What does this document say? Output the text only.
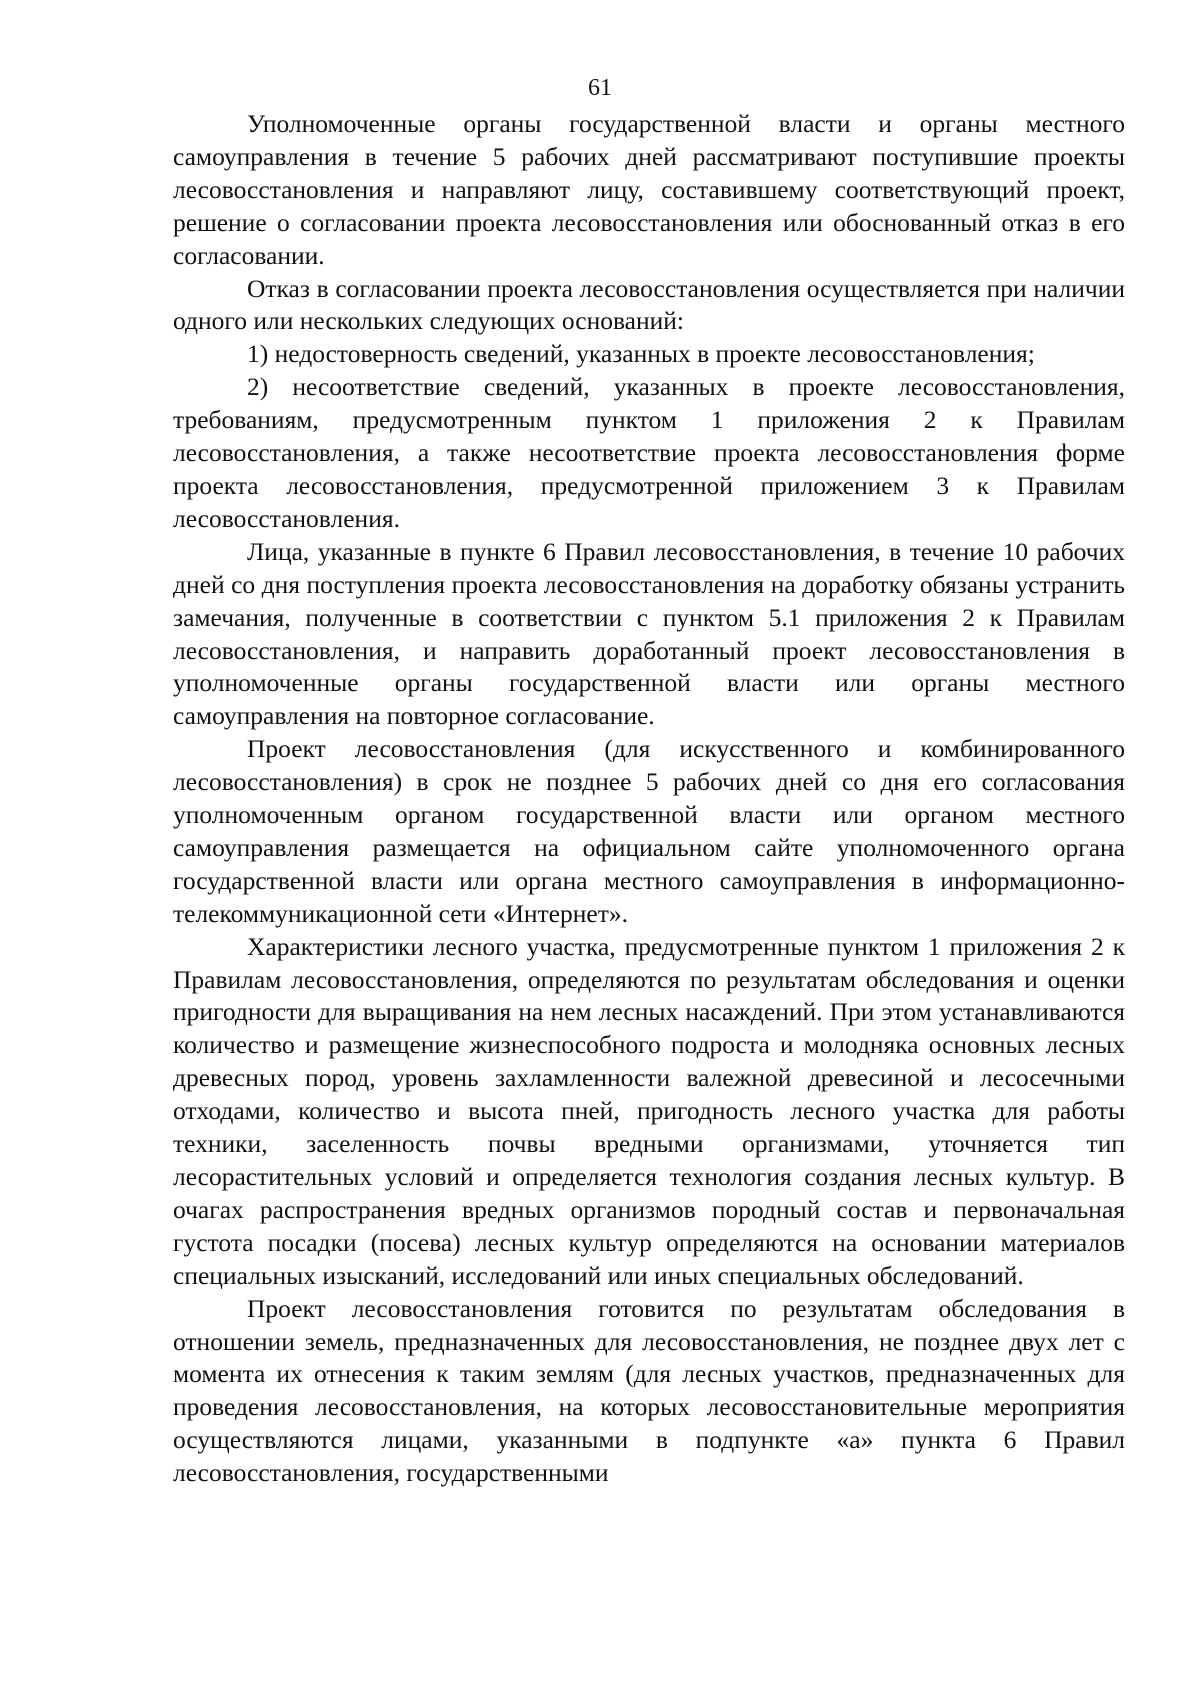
61

Уполномоченные органы государственной власти и органы местного самоуправления в течение 5 рабочих дней рассматривают поступившие проекты лесовосстановления и направляют лицу, составившему соответствующий проект, решение о согласовании проекта лесовосстановления или обоснованный отказ в его согласовании.

Отказ в согласовании проекта лесовосстановления осуществляется при наличии одного или нескольких следующих оснований:

1) недостоверность сведений, указанных в проекте лесовосстановления;

2) несоответствие сведений, указанных в проекте лесовосстановления, требованиям, предусмотренным пунктом 1 приложения 2 к Правилам лесовосстановления, а также несоответствие проекта лесовосстановления форме проекта лесовосстановления, предусмотренной приложением 3 к Правилам лесовосстановления.

Лица, указанные в пункте 6 Правил лесовосстановления, в течение 10 рабочих дней со дня поступления проекта лесовосстановления на доработку обязаны устранить замечания, полученные в соответствии с пунктом 5.1 приложения 2 к Правилам лесовосстановления, и направить доработанный проект лесовосстановления в уполномоченные органы государственной власти или органы местного самоуправления на повторное согласование.

Проект лесовосстановления (для искусственного и комбинированного лесовосстановления) в срок не позднее 5 рабочих дней со дня его согласования уполномоченным органом государственной власти или органом местного самоуправления размещается на официальном сайте уполномоченного органа государственной власти или органа местного самоуправления в информационно-телекоммуникационной сети «Интернет».

Характеристики лесного участка, предусмотренные пунктом 1 приложения 2 к Правилам лесовосстановления, определяются по результатам обследования и оценки пригодности для выращивания на нем лесных насаждений. При этом устанавливаются количество и размещение жизнеспособного подроста и молодняка основных лесных древесных пород, уровень захламленности валежной древесиной и лесосечными отходами, количество и высота пней, пригодность лесного участка для работы техники, заселенность почвы вредными организмами, уточняется тип лесорастительных условий и определяется технология создания лесных культур. В очагах распространения вредных организмов породный состав и первоначальная густота посадки (посева) лесных культур определяются на основании материалов специальных изысканий, исследований или иных специальных обследований.

Проект лесовосстановления готовится по результатам обследования в отношении земель, предназначенных для лесовосстановления, не позднее двух лет с момента их отнесения к таким землям (для лесных участков, предназначенных для проведения лесовосстановления, на которых лесовосстановительные мероприятия осуществляются лицами, указанными в подпункте «а» пункта 6 Правил лесовосстановления, государственными
